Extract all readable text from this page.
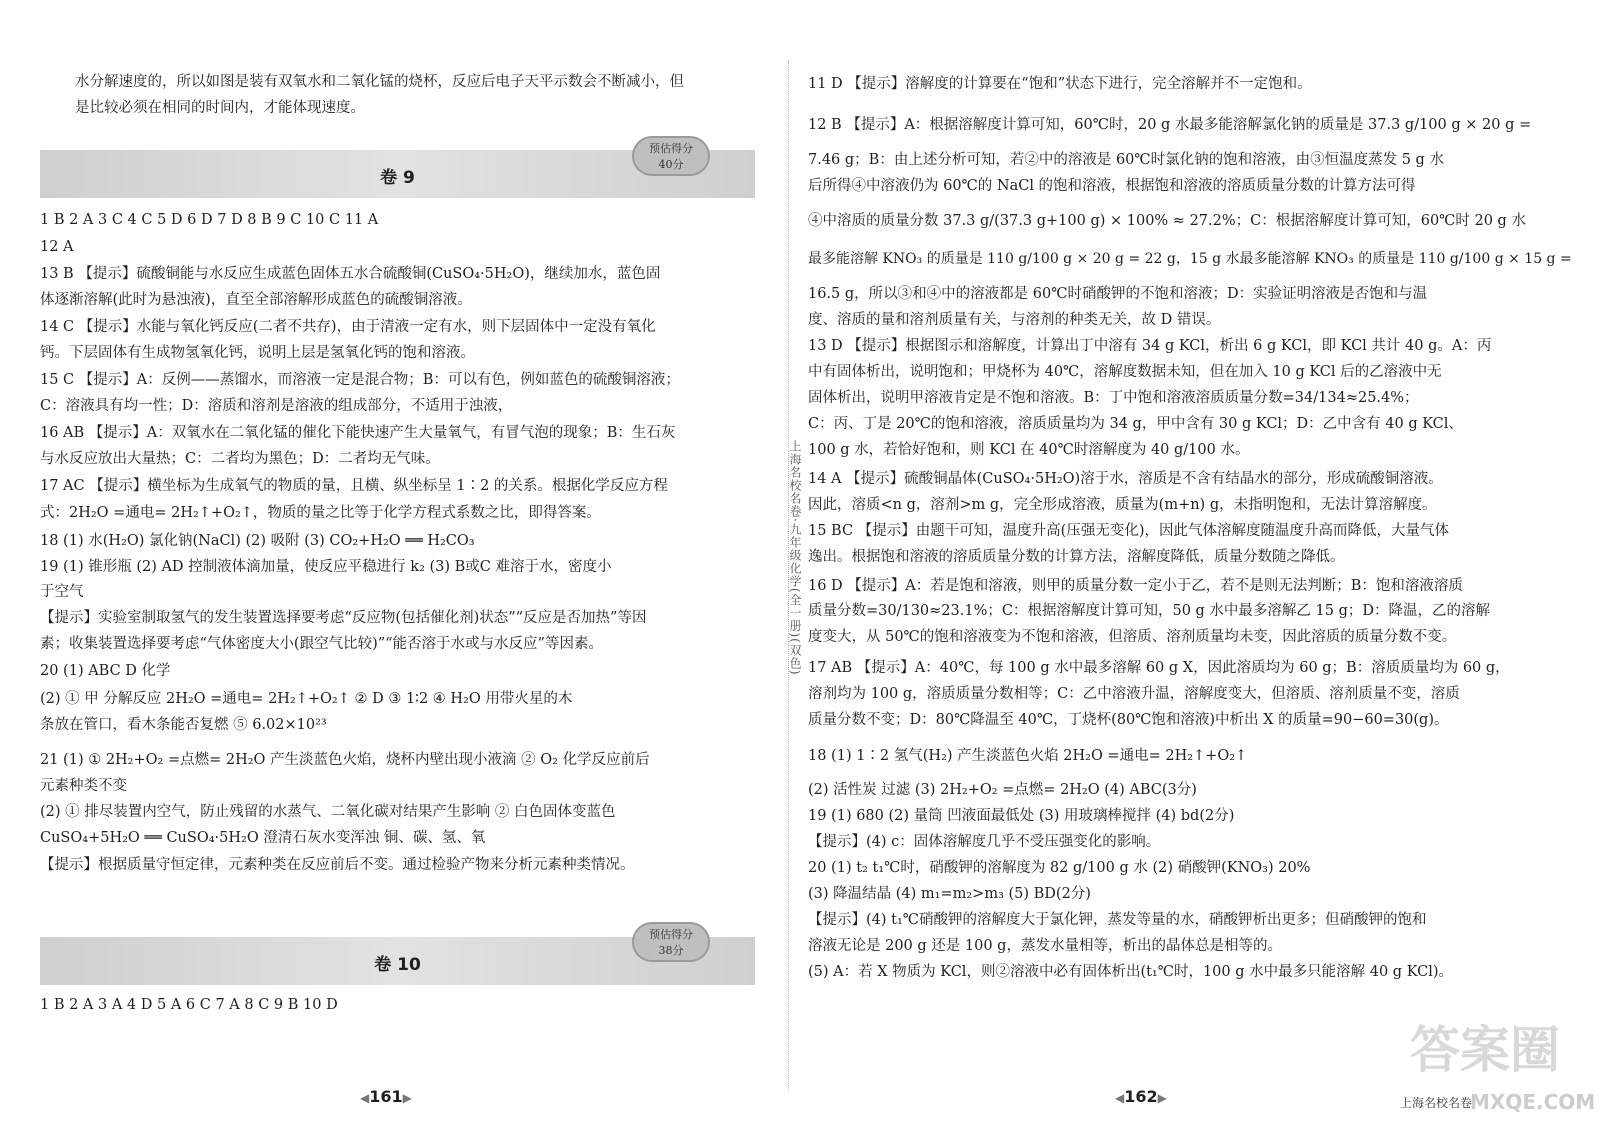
水分解速度的，所以如图是装有双氧水和二氧化锰的烧杯，反应后电子天平示数会不断减小，但
是比较必须在相同的时间内，才能体现速度。
卷 9
预估得分
40分
1 B 2 A 3 C 4 C 5 D 6 D 7 D 8 B 9 C 10 C 11 A
12 A
13 B 【提示】硫酸铜能与水反应生成蓝色固体五水合硫酸铜(CuSO₄·5H₂O)，继续加水，蓝色固
体逐渐溶解(此时为悬浊液)，直至全部溶解形成蓝色的硫酸铜溶液。
14 C 【提示】水能与氧化钙反应(二者不共存)，由于清液一定有水，则下层固体中一定没有氧化
钙。下层固体有生成物氢氧化钙，说明上层是氢氧化钙的饱和溶液。
15 C 【提示】A：反例——蒸馏水，而溶液一定是混合物；B：可以有色，例如蓝色的硫酸铜溶液；
C：溶液具有均一性；D：溶质和溶剂是溶液的组成部分，不适用于浊液，
16 AB 【提示】A：双氧水在二氧化锰的催化下能快速产生大量氧气，有冒气泡的现象；B：生石灰
与水反应放出大量热；C：二者均为黑色；D：二者均无气味。
17 AC 【提示】横坐标为生成氧气的物质的量，且横、纵坐标呈 1∶2 的关系。根据化学反应方程
式：2H₂O =通电= 2H₂↑+O₂↑，物质的量之比等于化学方程式系数之比，即得答案。
18 (1) 水(H₂O) 氯化钠(NaCl) (2) 吸附 (3) CO₂+H₂O ══ H₂CO₃
19 (1) 锥形瓶 (2) AD 控制液体滴加量，使反应平稳进行 k₂ (3) B或C 难溶于水，密度小
于空气
【提示】实验室制取氢气的发生装置选择要考虑“反应物(包括催化剂)状态”“反应是否加热”等因
素；收集装置选择要考虑“气体密度大小(跟空气比较)”“能否溶于水或与水反应”等因素。
20 (1) ABC D 化学
(2) ① 甲 分解反应 2H₂O =通电= 2H₂↑+O₂↑ ② D ③ 1∶2 ④ H₂O 用带火星的木
条放在管口，看木条能否复燃 ⑤ 6.02×10²³
21 (1) ① 2H₂+O₂ =点燃= 2H₂O 产生淡蓝色火焰，烧杯内壁出现小液滴 ② O₂ 化学反应前后
元素种类不变
(2) ① 排尽装置内空气，防止残留的水蒸气、二氧化碳对结果产生影响 ② 白色固体变蓝色
CuSO₄+5H₂O ══ CuSO₄·5H₂O 澄清石灰水变浑浊 铜、碳、氢、氧
【提示】根据质量守恒定律，元素种类在反应前后不变。通过检验产物来分析元素种类情况。
卷 10
预估得分
38分
1 B 2 A 3 A 4 D 5 A 6 C 7 A 8 C 9 B 10 D
◀161▶
上海名校名卷·九年级化学(全一册)(双色)
11 D 【提示】溶解度的计算要在“饱和”状态下进行，完全溶解并不一定饱和。
12 B 【提示】A：根据溶解度计算可知，60℃时，20 g 水最多能溶解氯化钠的质量是 37.3 g/100 g × 20 g =
7.46 g；B：由上述分析可知，若②中的溶液是 60℃时氯化钠的饱和溶液，由③恒温度蒸发 5 g 水
后所得④中溶液仍为 60℃的 NaCl 的饱和溶液，根据饱和溶液的溶质质量分数的计算方法可得
④中溶质的质量分数 37.3 g/(37.3 g+100 g) × 100% ≈ 27.2%；C：根据溶解度计算可知，60℃时 20 g 水
最多能溶解 KNO₃ 的质量是 110 g/100 g × 20 g = 22 g，15 g 水最多能溶解 KNO₃ 的质量是 110 g/100 g × 15 g =
16.5 g，所以③和④中的溶液都是 60℃时硝酸钾的不饱和溶液；D：实验证明溶液是否饱和与温
度、溶质的量和溶剂质量有关，与溶剂的种类无关，故 D 错误。
13 D 【提示】根据图示和溶解度，计算出丁中溶有 34 g KCl，析出 6 g KCl，即 KCl 共计 40 g。A：丙
中有固体析出，说明饱和；甲烧杯为 40℃，溶解度数据未知，但在加入 10 g KCl 后的乙溶液中无
固体析出，说明甲溶液肯定是不饱和溶液。B：丁中饱和溶液溶质质量分数=34/134≈25.4%；
C：丙、丁是 20℃的饱和溶液，溶质质量均为 34 g，甲中含有 30 g KCl；D：乙中含有 40 g KCl、
100 g 水，若恰好饱和，则 KCl 在 40℃时溶解度为 40 g/100 水。
14 A 【提示】硫酸铜晶体(CuSO₄·5H₂O)溶于水，溶质是不含有结晶水的部分，形成硫酸铜溶液。
因此，溶质<n g，溶剂>m g，完全形成溶液，质量为(m+n) g，未指明饱和，无法计算溶解度。
15 BC 【提示】由题干可知，温度升高(压强无变化)，因此气体溶解度随温度升高而降低，大量气体
逸出。根据饱和溶液的溶质质量分数的计算方法，溶解度降低，质量分数随之降低。
16 D 【提示】A：若是饱和溶液，则甲的质量分数一定小于乙，若不是则无法判断；B：饱和溶液溶质
质量分数=30/130≈23.1%；C：根据溶解度计算可知，50 g 水中最多溶解乙 15 g；D：降温，乙的溶解
度变大，从 50℃的饱和溶液变为不饱和溶液，但溶质、溶剂质量均未变，因此溶质的质量分数不变。
17 AB 【提示】A：40℃，每 100 g 水中最多溶解 60 g X，因此溶质均为 60 g；B：溶质质量均为 60 g，
溶剂均为 100 g，溶质质量分数相等；C：乙中溶液升温，溶解度变大，但溶质、溶剂质量不变，溶质
质量分数不变；D：80℃降温至 40℃，丁烧杯(80℃饱和溶液)中析出 X 的质量=90−60=30(g)。
18 (1) 1∶2 氢气(H₂) 产生淡蓝色火焰 2H₂O =通电= 2H₂↑+O₂↑
(2) 活性炭 过滤 (3) 2H₂+O₂ =点燃= 2H₂O (4) ABC(3分)
19 (1) 680 (2) 量筒 凹液面最低处 (3) 用玻璃棒搅拌 (4) bd(2分)
【提示】(4) c：固体溶解度几乎不受压强变化的影响。
20 (1) t₂ t₁℃时，硝酸钾的溶解度为 82 g/100 g 水 (2) 硝酸钾(KNO₃) 20%
(3) 降温结晶 (4) m₁=m₂>m₃ (5) BD(2分)
【提示】(4) t₁℃硝酸钾的溶解度大于氯化钾，蒸发等量的水，硝酸钾析出更多；但硝酸钾的饱和
溶液无论是 200 g 还是 100 g，蒸发水量相等，析出的晶体总是相等的。
(5) A：若 X 物质为 KCl，则②溶液中必有固体析出(t₁℃时，100 g 水中最多只能溶解 40 g KCl)。
◀162▶	上海名校名卷
答案圈
MXQE.COM
